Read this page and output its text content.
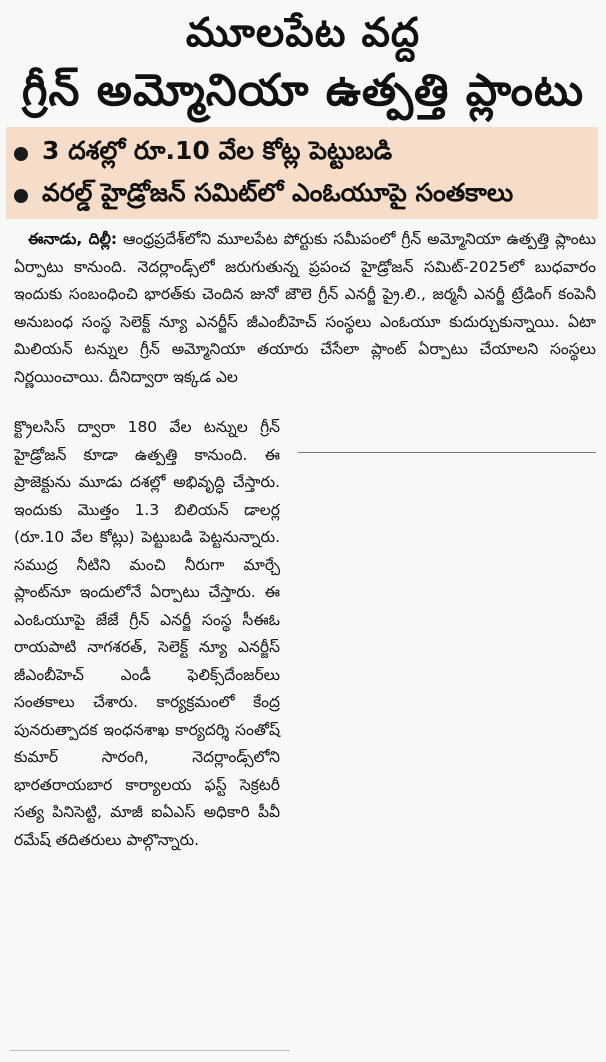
మూలపేట వద్ద
గ్రీన్ అమ్మోనియా ఉత్పత్తి ప్లాంటు
3 దశల్లో రూ.10 వేల కోట్ల పెట్టుబడి
వరల్డ్ హైడ్రోజన్ సమిట్‌లో ఎంఓయూపై సంతకాలు

ఈనాడు, దిల్లీ: ఆంధ్రప్రదేశ్‌లోని మూలపేట పోర్టుకు సమీపంలో గ్రీన్ అమ్మోనియా ఉత్పత్తి ప్లాంటు ఏర్పాటు కానుంది. నెదర్లాండ్స్‌లో జరుగుతున్న ప్రపంచ హైడ్రోజన్ సమిట్-2025లో బుధవారం ఇందుకు సంబంధించి భారత్‌కు చెందిన జునో జౌలె గ్రీన్ ఎనర్జీ ప్రై.లి., జర్మనీ ఎనర్జీ ట్రేడింగ్ కంపెనీ అనుబంధ సంస్థ సెలెక్ట్ న్యూ ఎనర్జీస్ జీఎంబీహెచ్ సంస్థలు ఎంఓయూ కుదుర్చుకున్నాయి. ఏటా మిలియన్ టన్నుల గ్రీన్ అమ్మోనియా తయారు చేసేలా ప్లాంట్ ఏర్పాటు చేయాలని సంస్థలు నిర్ణయించాయి. దీనిద్వారా ఇక్కడ ఎల

క్ట్రొలసిస్ ద్వారా 180 వేల టన్నుల గ్రీన్ హైడ్రోజన్ కూడా ఉత్పత్తి కానుంది. ఈ ప్రాజెక్టును మూడు దశల్లో అభివృద్ధి చేస్తారు. ఇందుకు మొత్తం 1.3 బిలియన్ డాలర్ల (రూ.10 వేల కోట్లు) పెట్టుబడి పెట్టనున్నారు. సముద్ర నీటిని మంచి నీరుగా మార్చే ప్లాంట్‌నూ ఇందులోనే ఏర్పాటు చేస్తారు. ఈ ఎంఓయూపై జేజే గ్రీన్ ఎనర్జీ సంస్థ సీఈఓ రాయపాటి నాగశరత్, సెలెక్ట్ న్యూ ఎనర్జీస్ జీఎంబీహెచ్ ఎండీ ఫెలిక్స్‌దేంజర్‌లు సంతకాలు చేశారు. కార్యక్రమంలో కేంద్ర పునరుత్పాదక ఇంధనశాఖ కార్యదర్శి సంతోష్ కుమార్ సారంగి, నెదర్లాండ్స్‌లోని భారతరాయబార కార్యాలయ ఫస్ట్ సెక్రటరీ సత్య పినిసెట్టి, మాజీ ఐఏఎస్ అధికారి పీవీ రమేష్ తదితరులు పాల్గొన్నారు.
